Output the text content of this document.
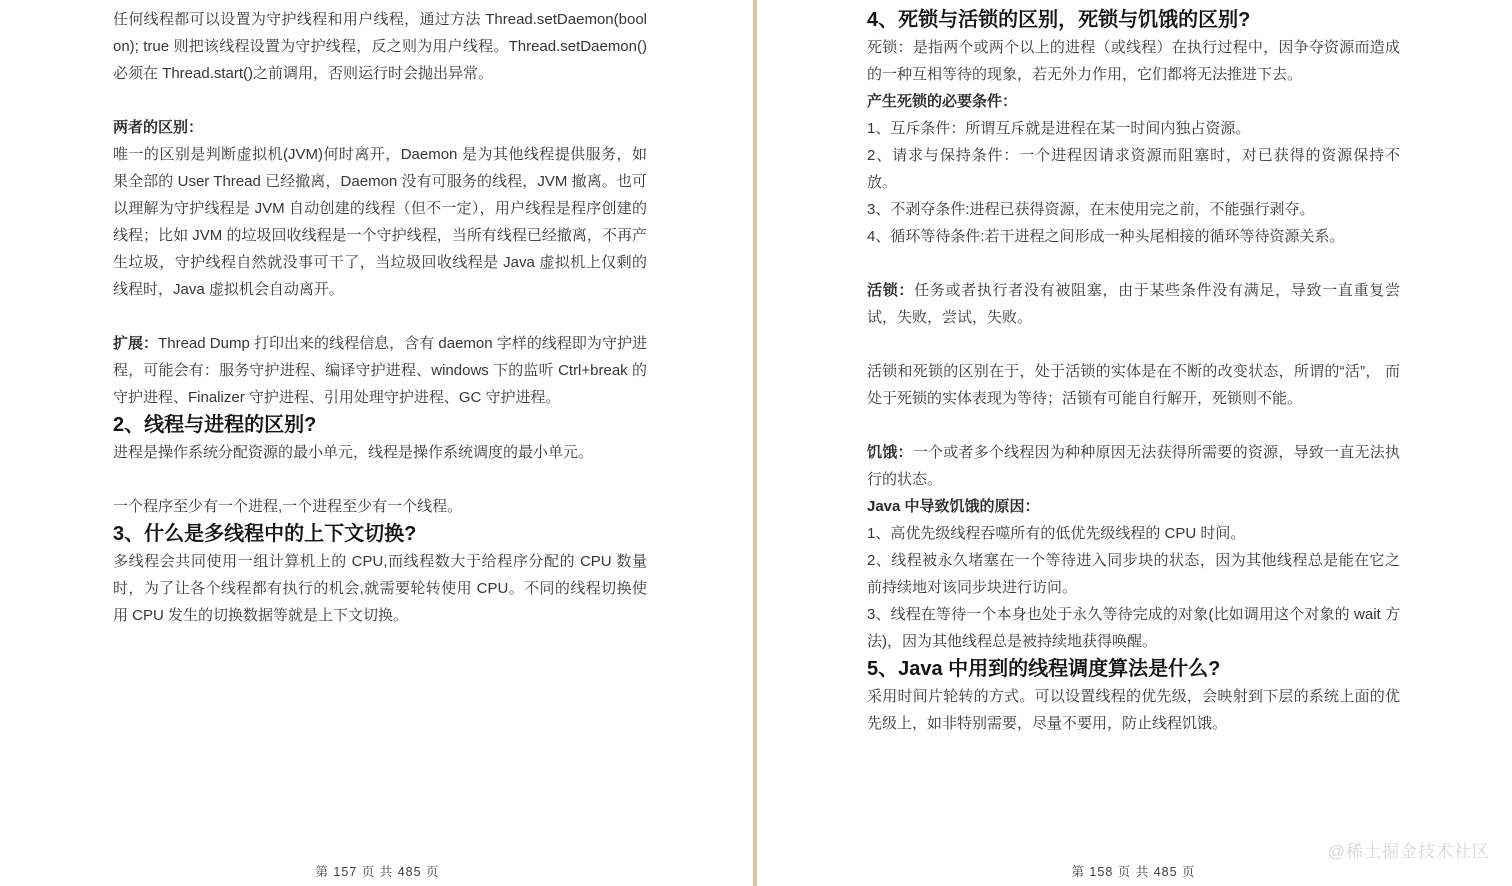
任何线程都可以设置为守护线程和用户线程，通过方法 Thread.setDaemon(bool on); true 则把该线程设置为守护线程，反之则为用户线程。Thread.setDaemon() 必须在 Thread.start()之前调用，否则运行时会抛出异常。

两者的区别：
唯一的区别是判断虚拟机(JVM)何时离开，Daemon 是为其他线程提供服务，如果全部的 User Thread 已经撤离，Daemon 没有可服务的线程，JVM 撤离。也可以理解为守护线程是 JVM 自动创建的线程（但不一定），用户线程是程序创建的线程；比如 JVM 的垃圾回收线程是一个守护线程，当所有线程已经撤离，不再产生垃圾，守护线程自然就没事可干了，当垃圾回收线程是 Java 虚拟机上仅剩的线程时，Java 虚拟机会自动离开。

扩展：Thread Dump 打印出来的线程信息，含有 daemon 字样的线程即为守护进程，可能会有：服务守护进程、编译守护进程、windows 下的监听 Ctrl+break 的守护进程、Finalizer 守护进程、引用处理守护进程、GC 守护进程。

2、线程与进程的区别?

进程是操作系统分配资源的最小单元，线程是操作系统调度的最小单元。

一个程序至少有一个进程,一个进程至少有一个线程。

3、什么是多线程中的上下文切换?

多线程会共同使用一组计算机上的 CPU,而线程数大于给程序分配的 CPU 数量时，为了让各个线程都有执行的机会,就需要轮转使用 CPU。不同的线程切换使用 CPU 发生的切换数据等就是上下文切换。

第 157 页 共 485 页
4、死锁与活锁的区别，死锁与饥饿的区别?

死锁：是指两个或两个以上的进程（或线程）在执行过程中，因争夺资源而造成的一种互相等待的现象，若无外力作用，它们都将无法推进下去。

产生死锁的必要条件：

1、互斥条件：所谓互斥就是进程在某一时间内独占资源。
2、请求与保持条件：一个进程因请求资源而阻塞时，对已获得的资源保持不放。
3、不剥夺条件:进程已获得资源，在末使用完之前，不能强行剥夺。
4、循环等待条件:若干进程之间形成一种头尾相接的循环等待资源关系。

活锁：任务或者执行者没有被阻塞，由于某些条件没有满足，导致一直重复尝试，失败，尝试，失败。

活锁和死锁的区别在于，处于活锁的实体是在不断的改变状态，所谓的“活”， 而处于死锁的实体表现为等待；活锁有可能自行解开，死锁则不能。

饥饿：一个或者多个线程因为种种原因无法获得所需要的资源，导致一直无法执行的状态。

Java 中导致饥饿的原因：

1、高优先级线程吞噬所有的低优先级线程的 CPU 时间。
2、线程被永久堵塞在一个等待进入同步块的状态，因为其他线程总是能在它之前持续地对该同步块进行访问。
3、线程在等待一个本身也处于永久等待完成的对象(比如调用这个对象的 wait 方法)，因为其他线程总是被持续地获得唤醒。
5、Java 中用到的线程调度算法是什么?

采用时间片轮转的方式。可以设置线程的优先级，会映射到下层的系统上面的优先级上，如非特别需要，尽量不要用，防止线程饥饿。

@稀土掘金技术社区
第 158 页 共 485 页
